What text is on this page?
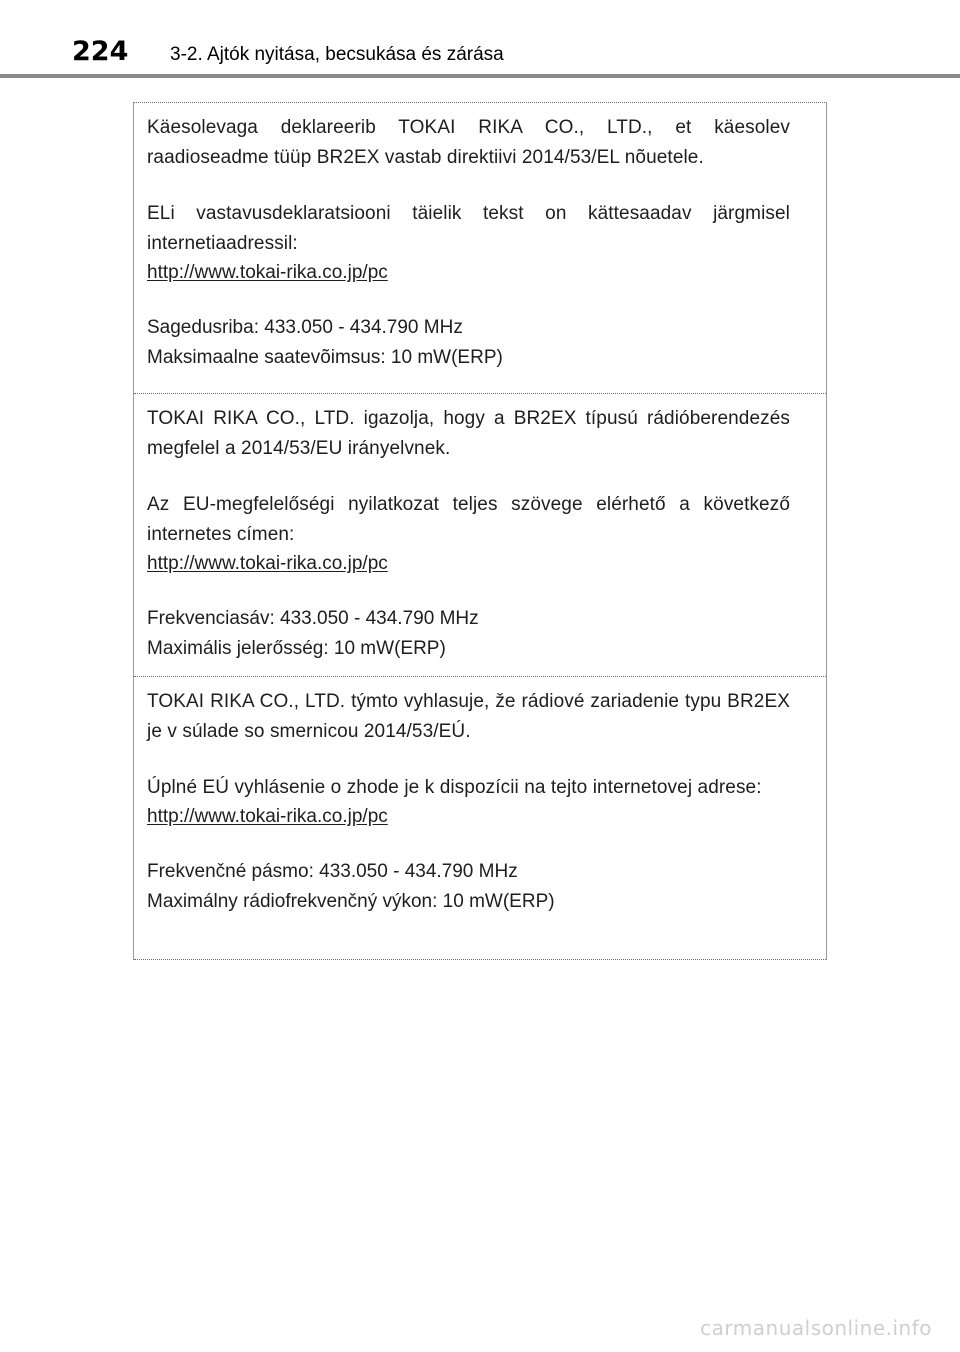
224 3-2. Ajtók nyitása, becsukása és zárása

Käesolevaga deklareerib TOKAI RIKA CO., LTD., et käesolev raadioseadme tüüp BR2EX vastab direktiivi 2014/53/EL nõuetele.

ELi vastavusdeklaratsiooni täielik tekst on kättesaadav järgmisel internetiaadressil:

http://www.tokai-rika.co.jp/pc
Sagedusriba: 433.050 - 434.790 MHz
Maksimaalne saatevõimsus: 10 mW(ERP)

TOKAI RIKA CO., LTD. igazolja, hogy a BR2EX típusú rádióberendezés megfelel a 2014/53/EU irányelvnek.

Az EU-megfelelőségi nyilatkozat teljes szövege elérhető a következő internetes címen:

http://www.tokai-rika.co.jp/pc
Frekvenciasáv: 433.050 - 434.790 MHz
Maximális jelerősség: 10 mW(ERP)

TOKAI RIKA CO., LTD. týmto vyhlasuje, že rádiové zariadenie typu BR2EX je v súlade so smernicou 2014/53/EÚ.

Úplné EÚ vyhlásenie o zhode je k dispozícii na tejto internetovej adrese:

http://www.tokai-rika.co.jp/pc
Frekvenčné pásmo: 433.050 - 434.790 MHz
Maximálny rádiofrekvenčný výkon: 10 mW(ERP)
carmanualsonline.info
